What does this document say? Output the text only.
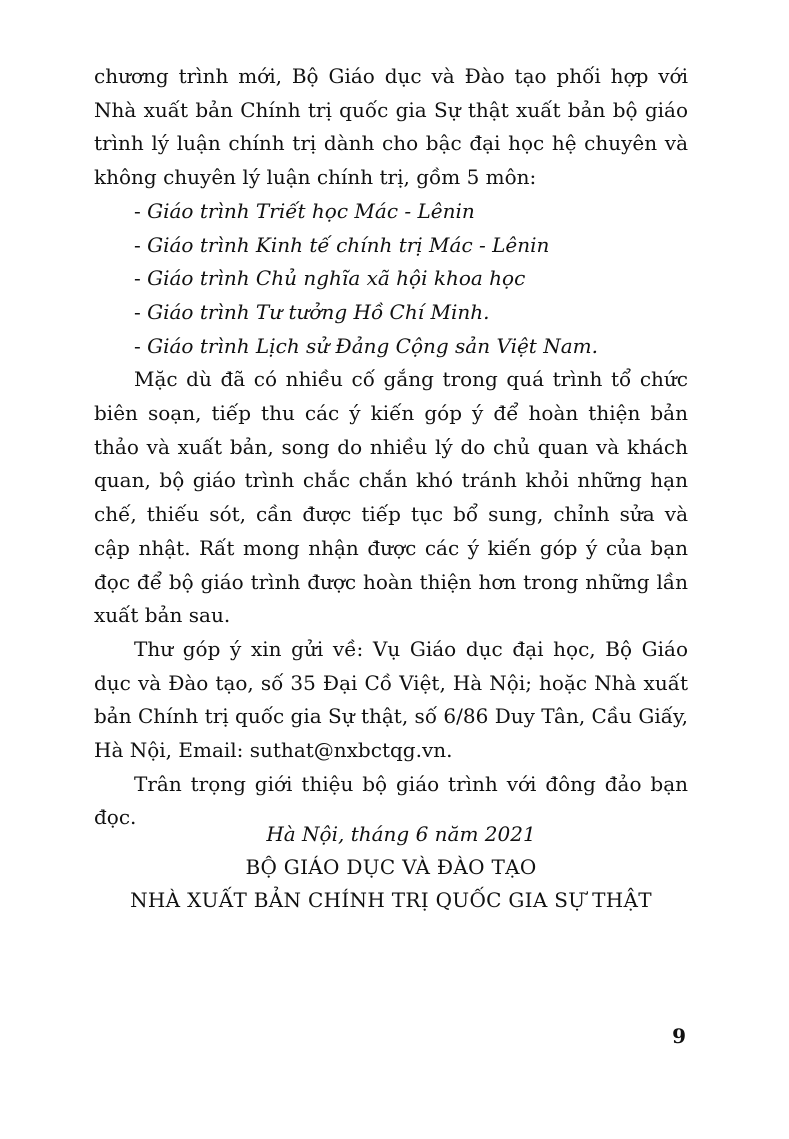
chương trình mới, Bộ Giáo dục và Đào tạo phối hợp với Nhà xuất bản Chính trị quốc gia Sự thật xuất bản bộ giáo trình lý luận chính trị dành cho bậc đại học hệ chuyên và không chuyên lý luận chính trị, gồm 5 môn:

- Giáo trình Triết học Mác - Lênin
- Giáo trình Kinh tế chính trị Mác - Lênin
- Giáo trình Chủ nghĩa xã hội khoa học
- Giáo trình Tư tưởng Hồ Chí Minh.
- Giáo trình Lịch sử Đảng Cộng sản Việt Nam.

Mặc dù đã có nhiều cố gắng trong quá trình tổ chức biên soạn, tiếp thu các ý kiến góp ý để hoàn thiện bản thảo và xuất bản, song do nhiều lý do chủ quan và khách quan, bộ giáo trình chắc chắn khó tránh khỏi những hạn chế, thiếu sót, cần được tiếp tục bổ sung, chỉnh sửa và cập nhật. Rất mong nhận được các ý kiến góp ý của bạn đọc để bộ giáo trình được hoàn thiện hơn trong những lần xuất bản sau.

Thư góp ý xin gửi về: Vụ Giáo dục đại học, Bộ Giáo dục và Đào tạo, số 35 Đại Cồ Việt, Hà Nội; hoặc Nhà xuất bản Chính trị quốc gia Sự thật, số 6/86 Duy Tân, Cầu Giấy, Hà Nội, Email: suthat@nxbctqg.vn.

Trân trọng giới thiệu bộ giáo trình với đông đảo bạn đọc.

Hà Nội, tháng 6 năm 2021
BỘ GIÁO DỤC VÀ ĐÀO TẠO
NHÀ XUẤT BẢN CHÍNH TRỊ QUỐC GIA SỰ THẬT
9
